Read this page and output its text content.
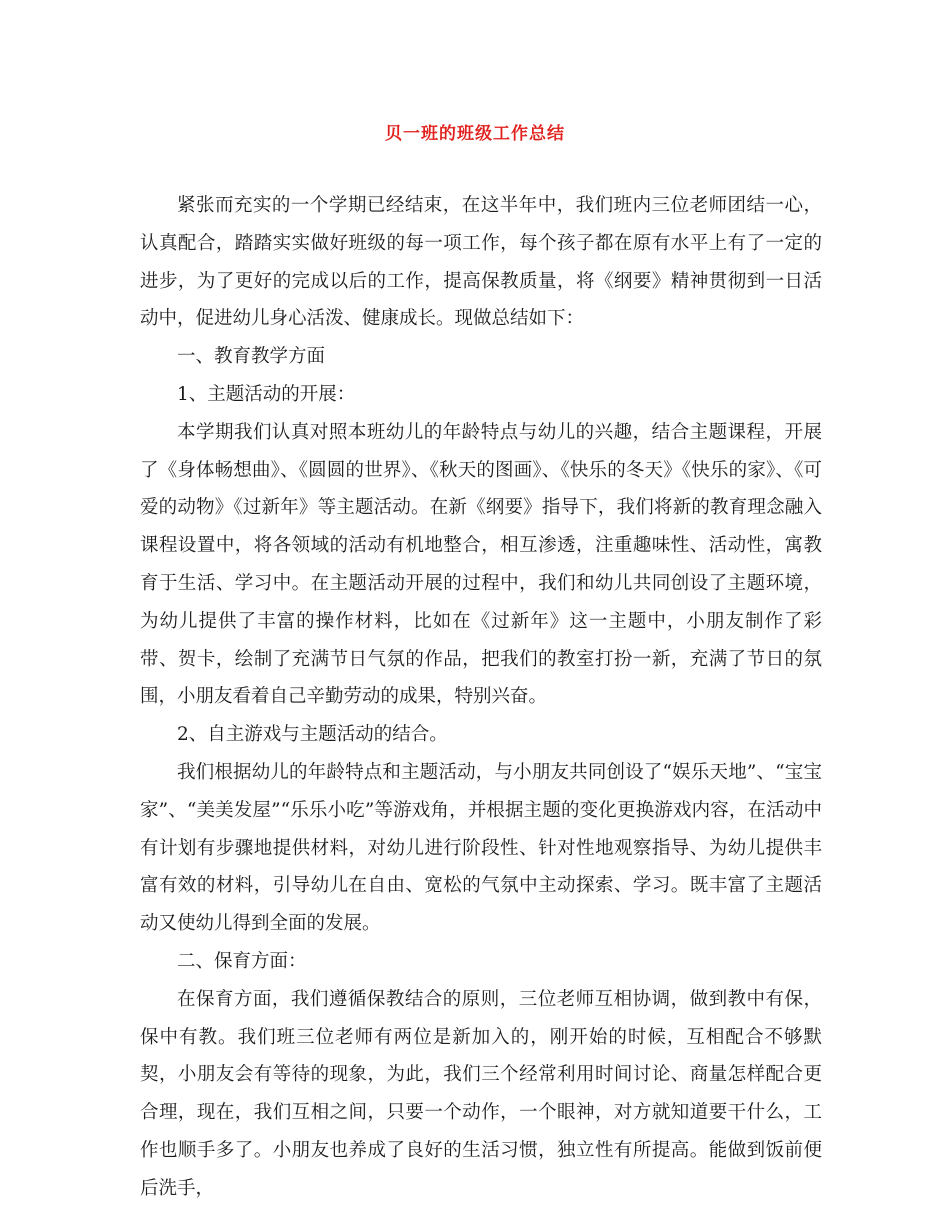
贝一班的班级工作总结

紧张而充实的一个学期已经结束，在这半年中，我们班内三位老师团结一心，认真配合，踏踏实实做好班级的每一项工作，每个孩子都在原有水平上有了一定的进步，为了更好的完成以后的工作，提高保教质量，将《纲要》精神贯彻到一日活动中，促进幼儿身心活泼、健康成长。现做总结如下：

一、教育教学方面

1、主题活动的开展：

本学期我们认真对照本班幼儿的年龄特点与幼儿的兴趣，结合主题课程，开展了《身体畅想曲》、《圆圆的世界》、《秋天的图画》、《快乐的冬天》《快乐的家》、《可爱的动物》《过新年》等主题活动。在新《纲要》指导下，我们将新的教育理念融入课程设置中，将各领域的活动有机地整合，相互渗透，注重趣味性、活动性，寓教育于生活、学习中。在主题活动开展的过程中，我们和幼儿共同创设了主题环境，为幼儿提供了丰富的操作材料，比如在《过新年》这一主题中，小朋友制作了彩带、贺卡，绘制了充满节日气氛的作品，把我们的教室打扮一新，充满了节日的氛围，小朋友看着自己辛勤劳动的成果，特别兴奋。

2、自主游戏与主题活动的结合。

我们根据幼儿的年龄特点和主题活动，与小朋友共同创设了“娱乐天地”、“宝宝家”、“美美发屋”“乐乐小吃”等游戏角，并根据主题的变化更换游戏内容，在活动中有计划有步骤地提供材料，对幼儿进行阶段性、针对性地观察指导、为幼儿提供丰富有效的材料，引导幼儿在自由、宽松的气氛中主动探索、学习。既丰富了主题活动又使幼儿得到全面的发展。

二、保育方面：

在保育方面，我们遵循保教结合的原则，三位老师互相协调，做到教中有保，保中有教。我们班三位老师有两位是新加入的，刚开始的时候，互相配合不够默契，小朋友会有等待的现象，为此，我们三个经常利用时间讨论、商量怎样配合更合理，现在，我们互相之间，只要一个动作，一个眼神，对方就知道要干什么，工作也顺手多了。小朋友也养成了良好的生活习惯，独立性有所提高。能做到饭前便后洗手，
